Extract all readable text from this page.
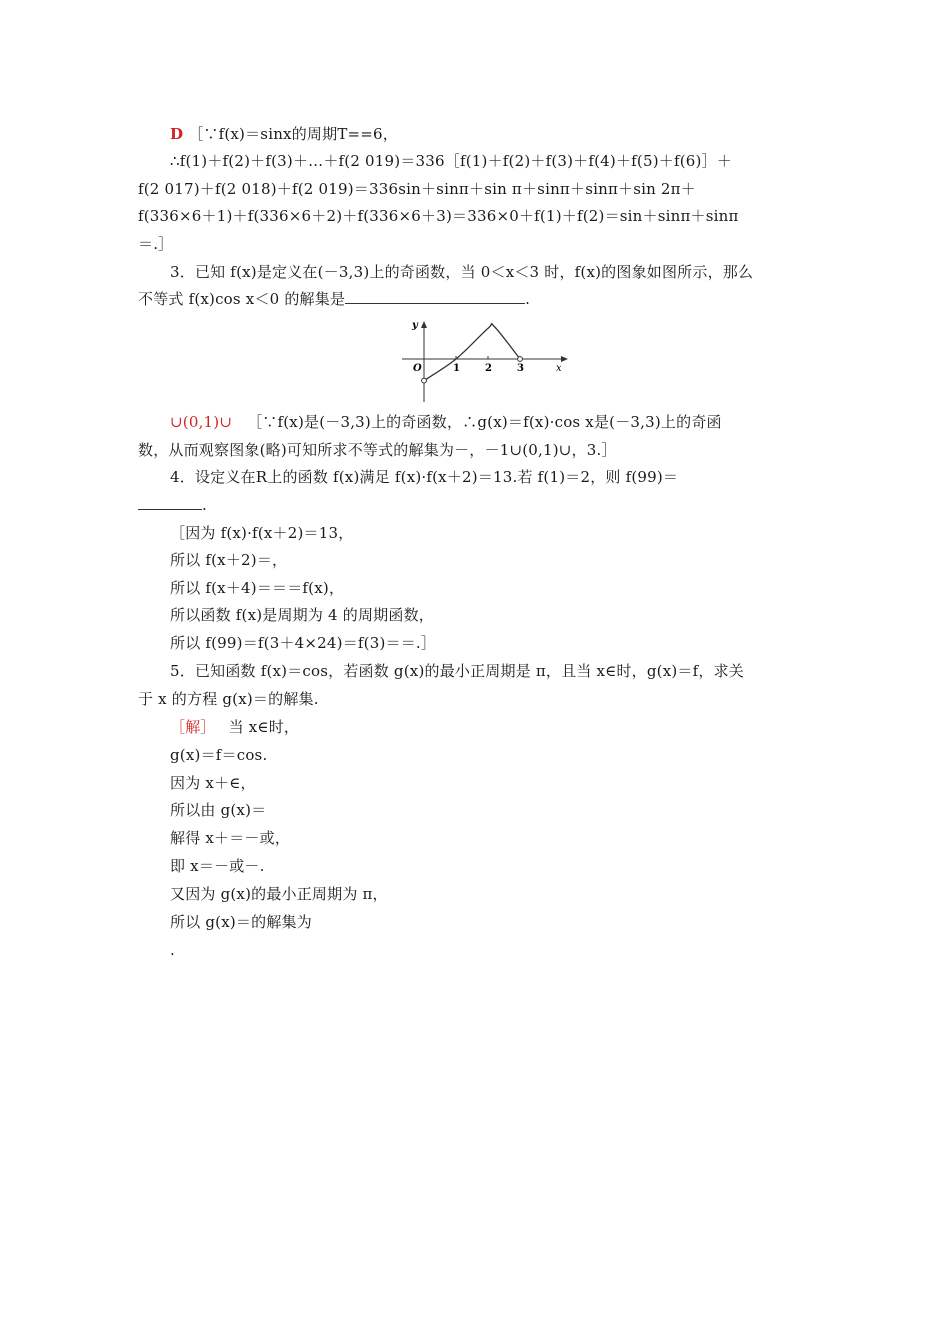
D ［∵f(x)＝sinx的周期T==6，
∴f(1)＋f(2)＋f(3)＋…＋f(2 019)＝336［f(1)＋f(2)＋f(3)＋f(4)＋f(5)＋f(6)］＋
f(2 017)＋f(2 018)＋f(2 019)＝336sin＋sinπ＋sin π＋sinπ＋sinπ＋sin 2π＋
f(336×6＋1)＋f(336×6＋2)＋f(336×6＋3)＝336×0＋f(1)＋f(2)＝sin＋sinπ＋sinπ
＝.］
3．已知 f(x)是定义在(－3,3)上的奇函数，当 0＜x＜3 时，f(x)的图象如图所示，那么
不等式 f(x)cos x＜0 的解集是	.
y
x
O	1	2	3
∪(0,1)∪ ［∵f(x)是(－3,3)上的奇函数，∴g(x)＝f(x)·cos x是(－3,3)上的奇函
数，从而观察图象(略)可知所求不等式的解集为－，－1∪(0,1)∪，3.］
4．设定义在R上的函数 f(x)满足 f(x)·f(x＋2)＝13.若 f(1)＝2，则 f(99)＝
.
［因为 f(x)·f(x＋2)＝13，
所以 f(x＋2)＝，
所以 f(x＋4)＝＝＝f(x)，
所以函数 f(x)是周期为 4 的周期函数，
所以 f(99)＝f(3＋4×24)＝f(3)＝＝.］
5．已知函数 f(x)＝cos，若函数 g(x)的最小正周期是 π，且当 x∈时，g(x)＝f，求关
于 x 的方程 g(x)＝的解集.
［解］ 当 x∈时，
g(x)＝f＝cos.
因为 x＋∈，
所以由 g(x)＝
解得 x＋＝－或，
即 x＝－或－.
又因为 g(x)的最小正周期为 π，
所以 g(x)＝的解集为
.
